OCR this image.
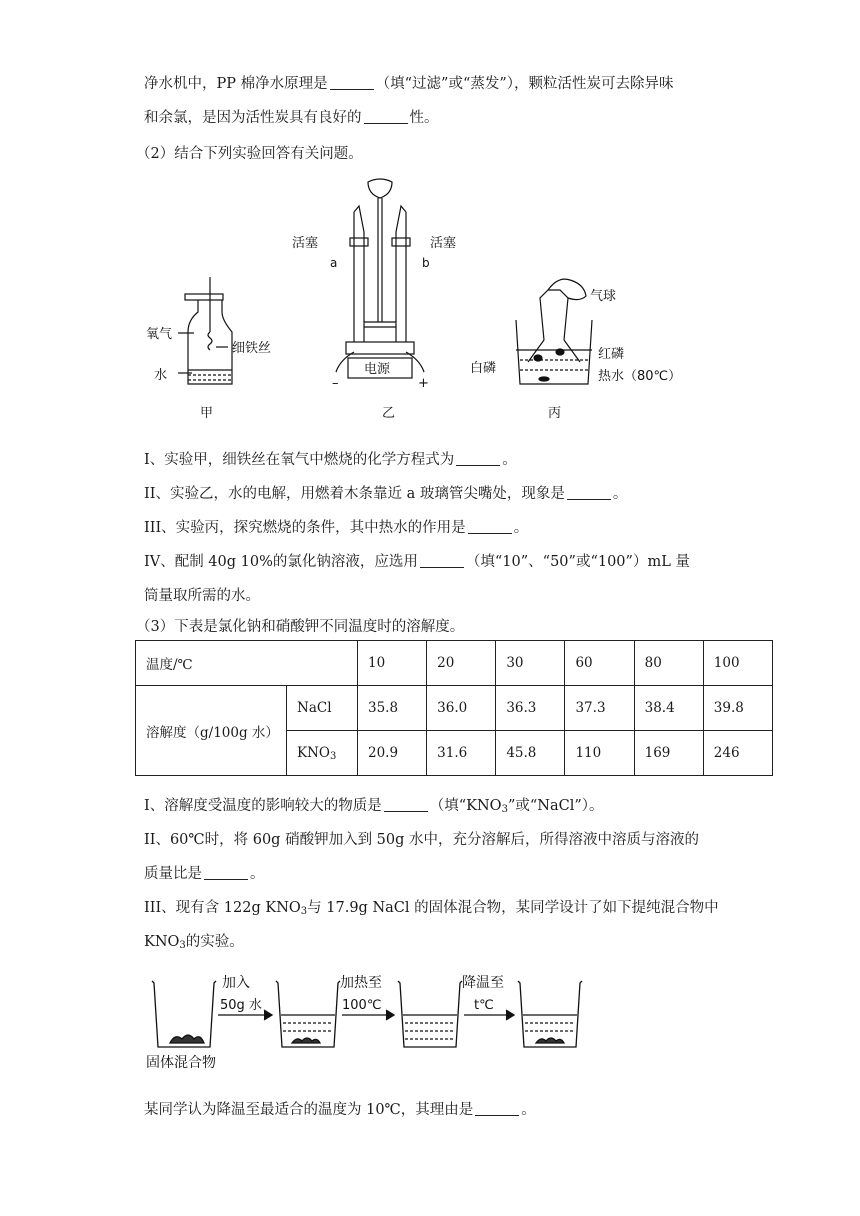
净水机中，PP 棉净水原理是	（填“过滤”或“蒸发”），颗粒活性炭可去除异味
和余氯，是因为活性炭具有良好的	性。
（2）结合下列实验回答有关问题。
氧气
水
细铁丝
甲
活塞	活塞
a	b
电源
–	+
乙
气球
红磷
白磷
热水（80℃）
丙
I、实验甲，细铁丝在氧气中燃烧的化学方程式为	。
II、实验乙，水的电解，用燃着木条靠近 a 玻璃管尖嘴处，现象是	。
III、实验丙，探究燃烧的条件，其中热水的作用是	。
IV、配制 40g 10%的氯化钠溶液，应选用	（填“10”、“50”或“100”）mL 量
筒量取所需的水。
（3）下表是氯化钠和硝酸钾不同温度时的溶解度。
温度/℃		10	20	30	60	80	100
溶解度（g/100g 水）	NaCl	35.8	36.0	36.3	37.3	38.4	39.8
	$KNO_3$	20.9	31.6	45.8	110	169	246
I、溶解度受温度的影响较大的物质是	（填“$KNO_3$”或“NaCl”）。
II、60℃时，将 60g 硝酸钾加入到 50g 水中，充分溶解后，所得溶液中溶质与溶液的
质量比是	。
III、现有含 122g $KNO_3$与 17.9g NaCl 的固体混合物，某同学设计了如下提纯混合物中
$KNO_3$的实验。
加入
50g 水
加热至
100℃
降温至
t℃
固体混合物
某同学认为降温至最适合的温度为 10℃，其理由是	。
